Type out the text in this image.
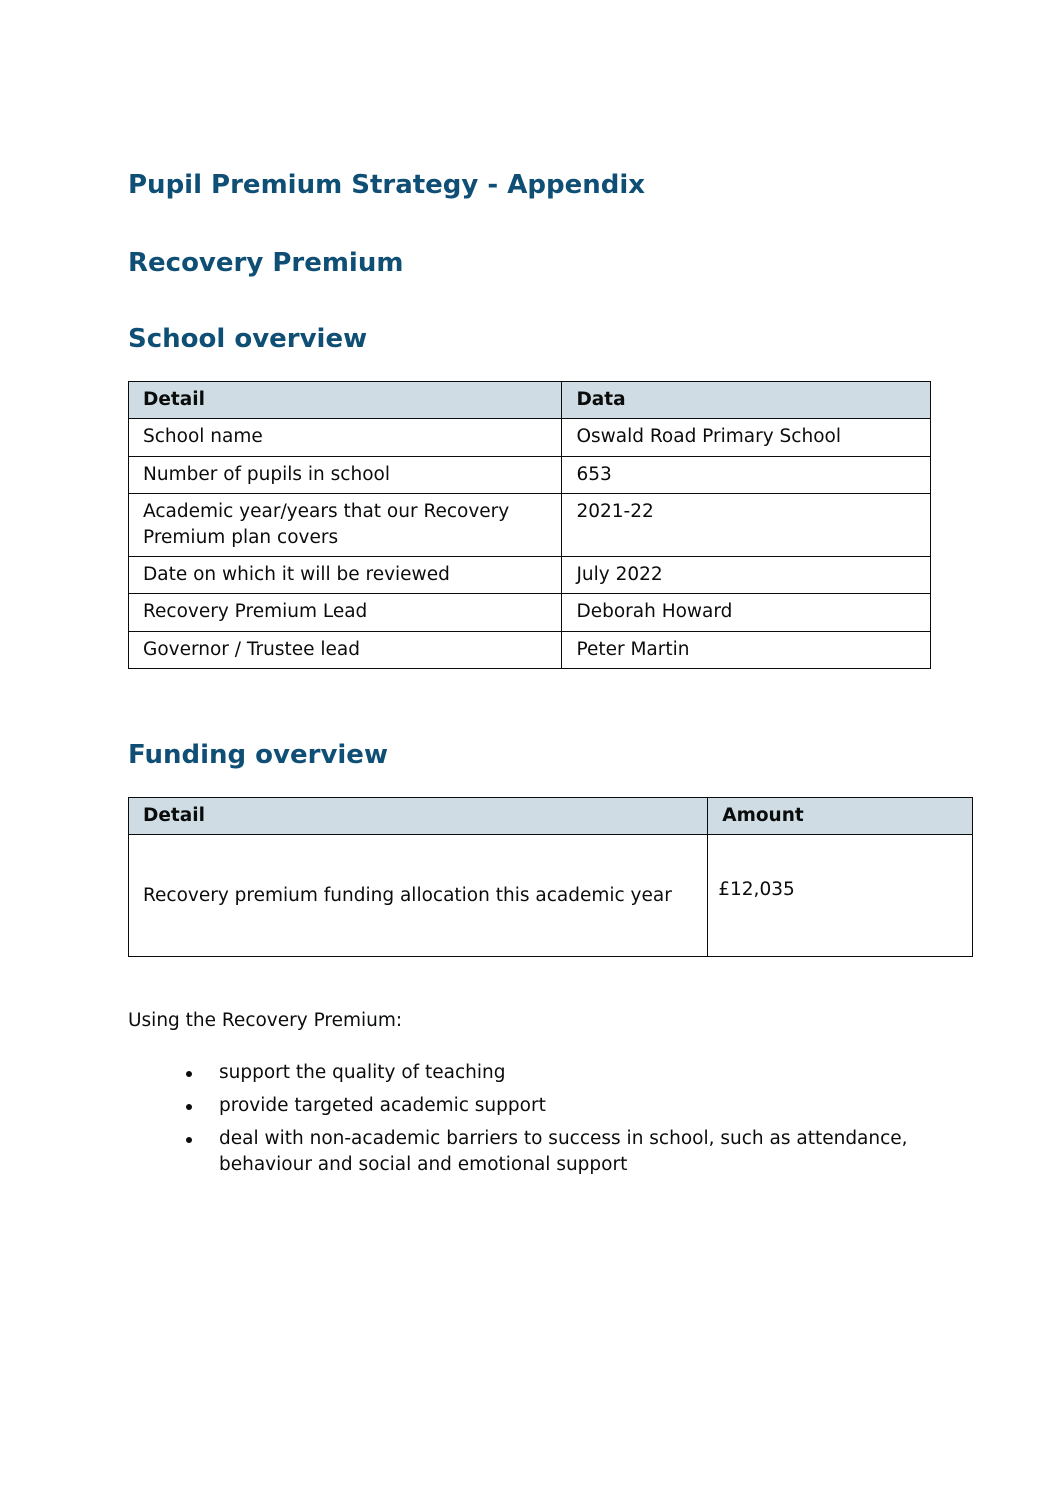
Pupil Premium Strategy - Appendix
Recovery Premium
School overview
Detail	Data
School name	Oswald Road Primary School
Number of pupils in school	653
Academic year/years that our Recovery Premium plan covers	2021-22
Date on which it will be reviewed	July 2022
Recovery Premium Lead	Deborah Howard
Governor / Trustee lead	Peter Martin
Funding overview
Detail	Amount
Recovery premium funding allocation this academic year	£12,035

Using the Recovery Premium:

support the quality of teaching
provide targeted academic support
deal with non-academic barriers to success in school, such as attendance, behaviour and social and emotional support
